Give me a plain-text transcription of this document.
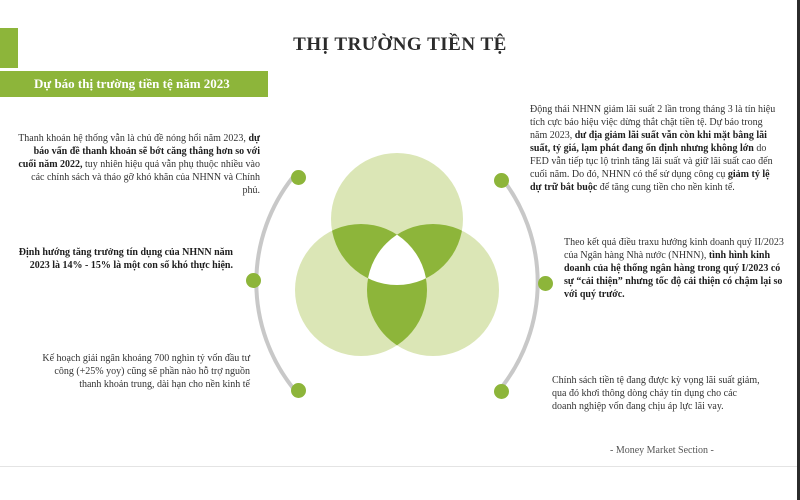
THỊ TRƯỜNG TIỀN TỆ
Dự báo thị trường tiền tệ năm 2023
Thanh khoản hệ thống vẫn là chủ đề nóng hổi năm 2023, dự báo vấn đề thanh khoản sẽ bớt căng thẳng hơn so với cuối năm 2022, tuy nhiên hiệu quả vẫn phụ thuộc nhiều vào các chính sách và tháo gỡ khó khăn của NHNN và Chính phủ.
Định hướng tăng trưởng tín dụng của NHNN năm 2023 là 14% - 15% là một con số khó thực hiện.
Kế hoạch giải ngân khoảng 700 nghìn tỷ vốn đầu tư công (+25% yoy) cũng sẽ phần nào hỗ trợ nguồn thanh khoản trung, dài hạn cho nền kinh tế
Động thái NHNN giảm lãi suất 2 lần trong tháng 3 là tín hiệu tích cực báo hiệu việc dừng thắt chặt tiền tệ. Dự báo trong năm 2023, dư địa giảm lãi suất vẫn còn khi mặt bằng lãi suất, tỷ giá, lạm phát đang ổn định nhưng không lớn do FED vẫn tiếp tục lộ trình tăng lãi suất và giữ lãi suất cao đến cuối năm. Do đó, NHNN có thể sử dụng công cụ giảm tỷ lệ dự trữ bắt buộc để tăng cung tiền cho nền kinh tế.
Theo kết quả điều traxu hướng kinh doanh quý II/2023 của Ngân hàng Nhà nước (NHNN), tình hình kinh doanh của hệ thống ngân hàng trong quý I/2023 có sự “cải thiện” nhưng tốc độ cải thiện có chậm lại so với quý trước.
Chính sách tiền tệ đang được kỳ vọng lãi suất giảm, qua đó khơi thông dòng chảy tín dụng cho các doanh nghiệp vốn đang chịu áp lực lãi vay.
- Money Market Section -
